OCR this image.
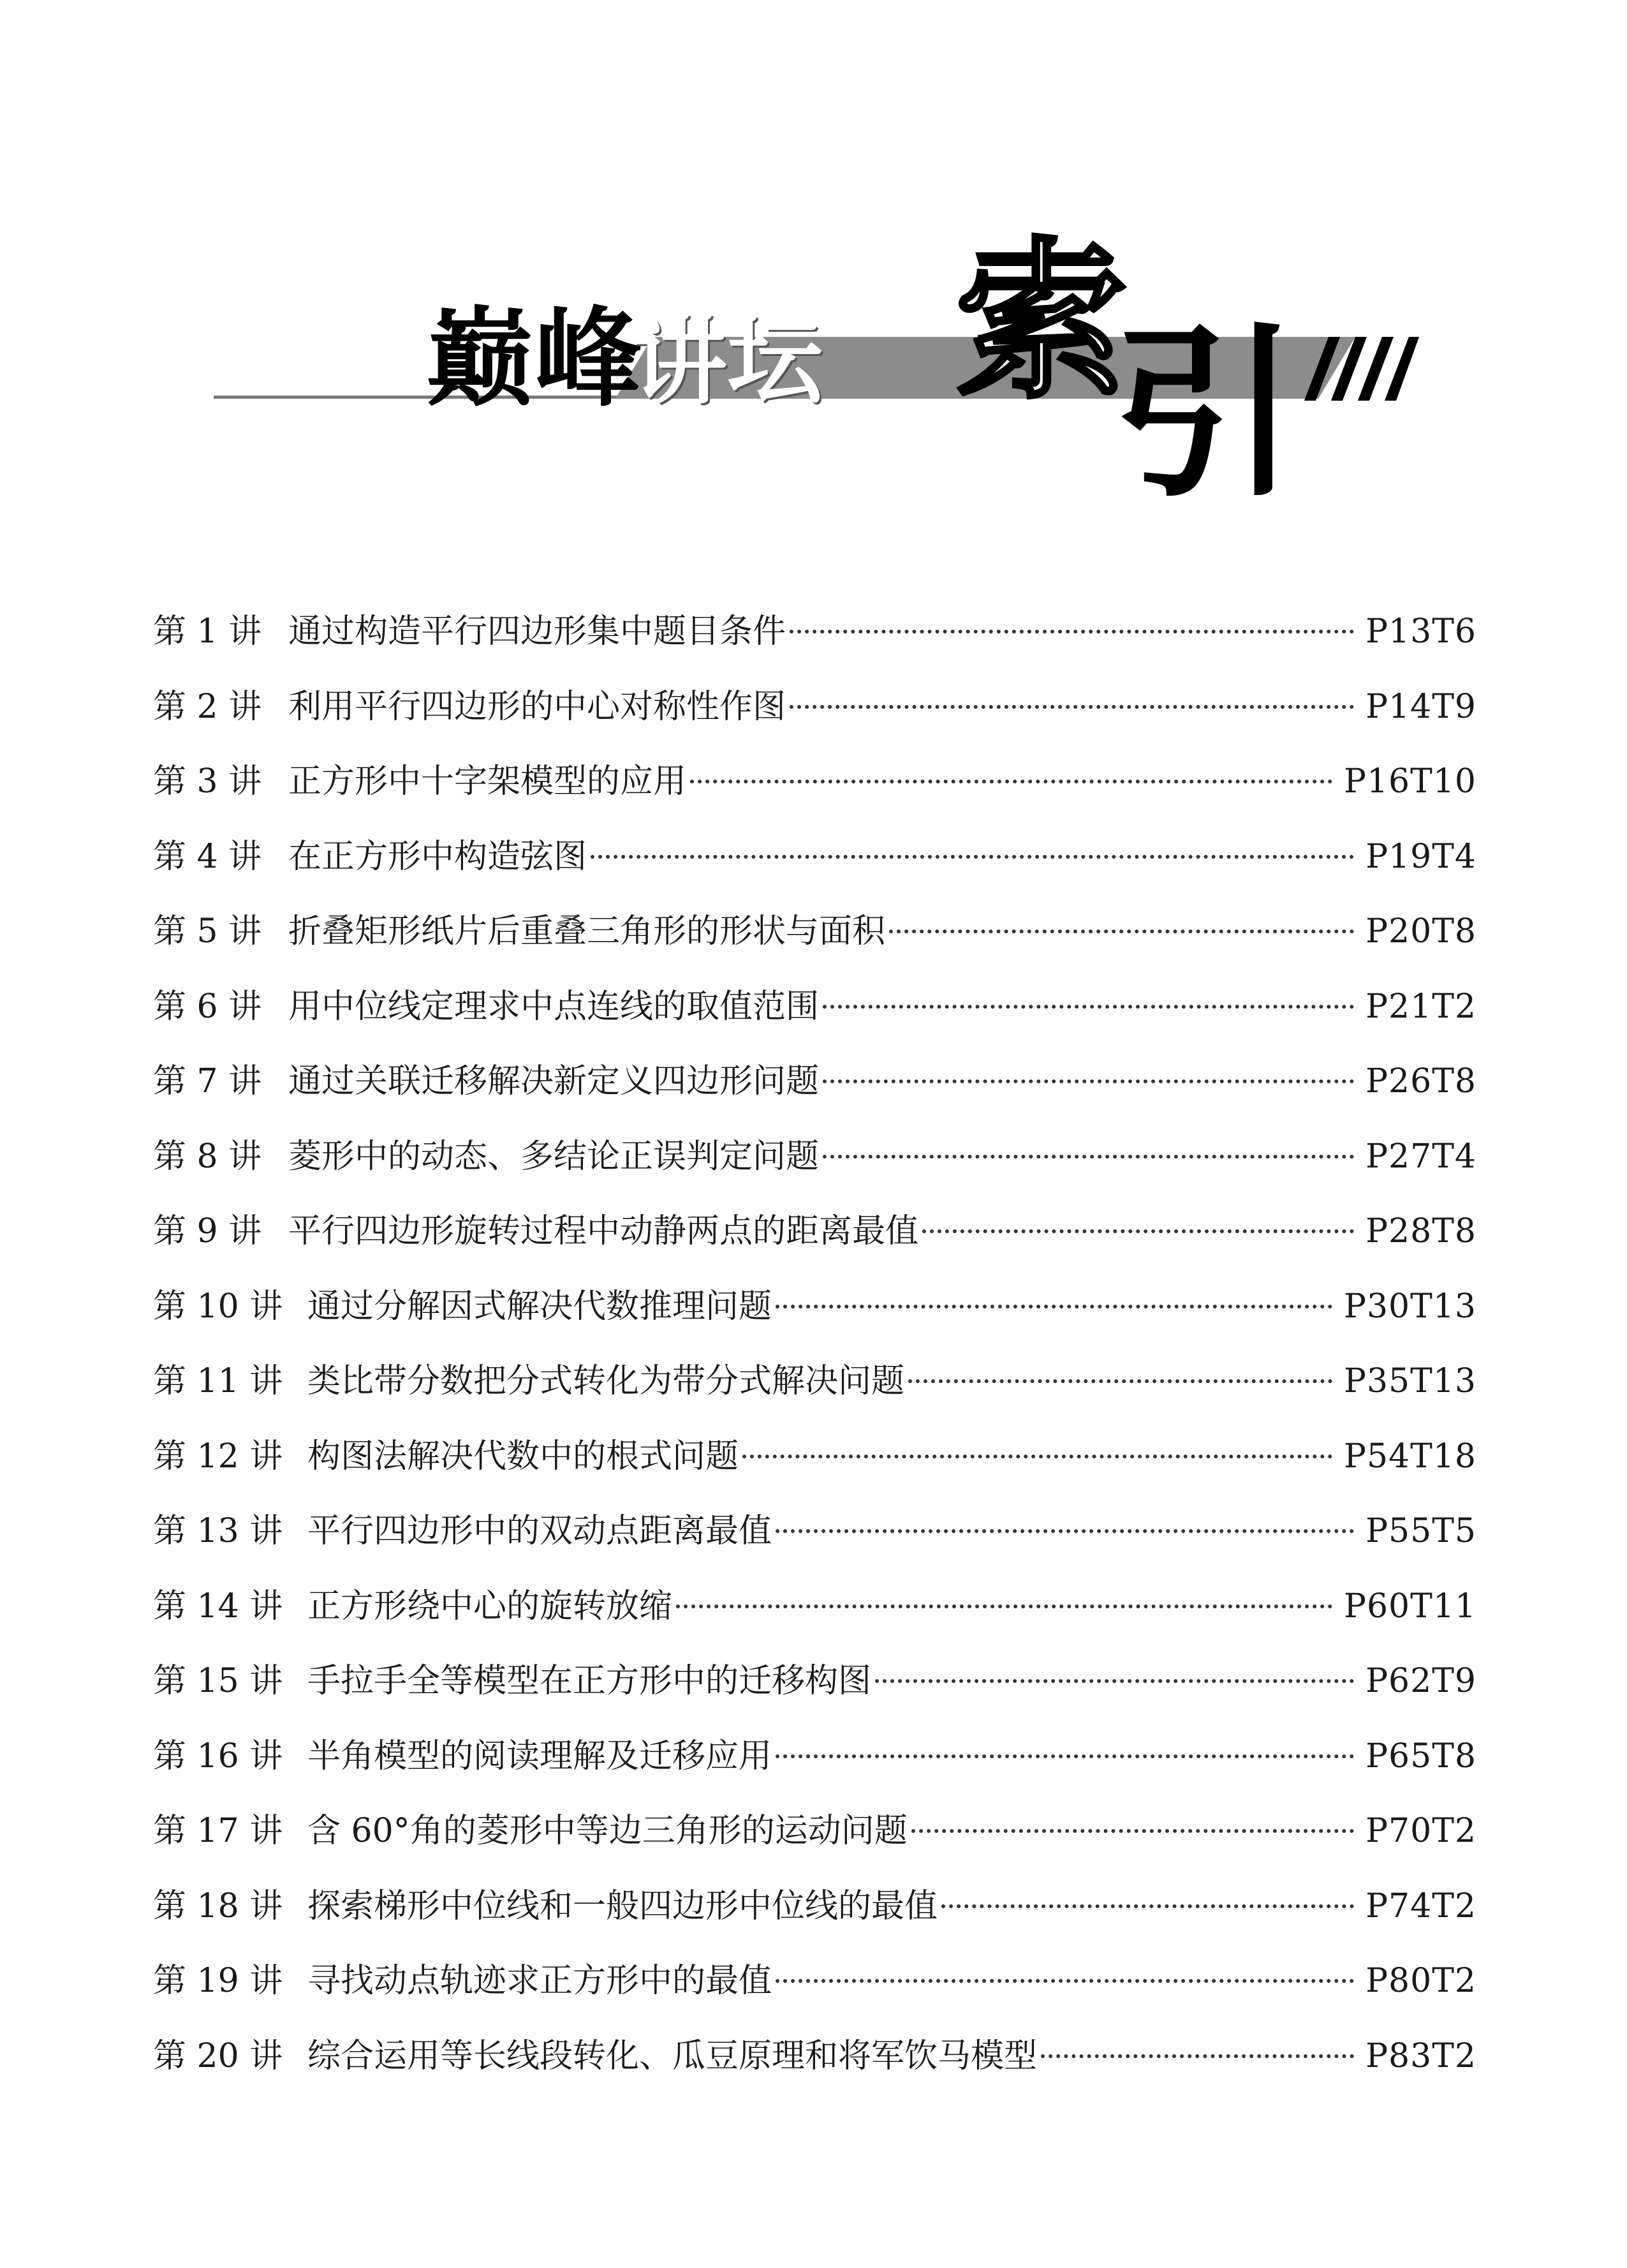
巅峰
讲坛 索
引
第 1 讲 通过构造平行四边形集中题目条件	P13T6
第 2 讲 利用平行四边形的中心对称性作图	P14T9
第 3 讲 正方形中十字架模型的应用	P16T10
第 4 讲 在正方形中构造弦图	P19T4
第 5 讲 折叠矩形纸片后重叠三角形的形状与面积	P20T8
第 6 讲 用中位线定理求中点连线的取值范围	P21T2
第 7 讲 通过关联迁移解决新定义四边形问题	P26T8
第 8 讲 菱形中的动态、多结论正误判定问题	P27T4
第 9 讲 平行四边形旋转过程中动静两点的距离最值	P28T8
第 10 讲 通过分解因式解决代数推理问题	P30T13
第 11 讲 类比带分数把分式转化为带分式解决问题	P35T13
第 12 讲 构图法解决代数中的根式问题	P54T18
第 13 讲 平行四边形中的双动点距离最值	P55T5
第 14 讲 正方形绕中心的旋转放缩	P60T11
第 15 讲 手拉手全等模型在正方形中的迁移构图	P62T9
第 16 讲 半角模型的阅读理解及迁移应用	P65T8
第 17 讲 含 60°角的菱形中等边三角形的运动问题	P70T2
第 18 讲 探索梯形中位线和一般四边形中位线的最值	P74T2
第 19 讲 寻找动点轨迹求正方形中的最值	P80T2
第 20 讲 综合运用等长线段转化、瓜豆原理和将军饮马模型	P83T2
